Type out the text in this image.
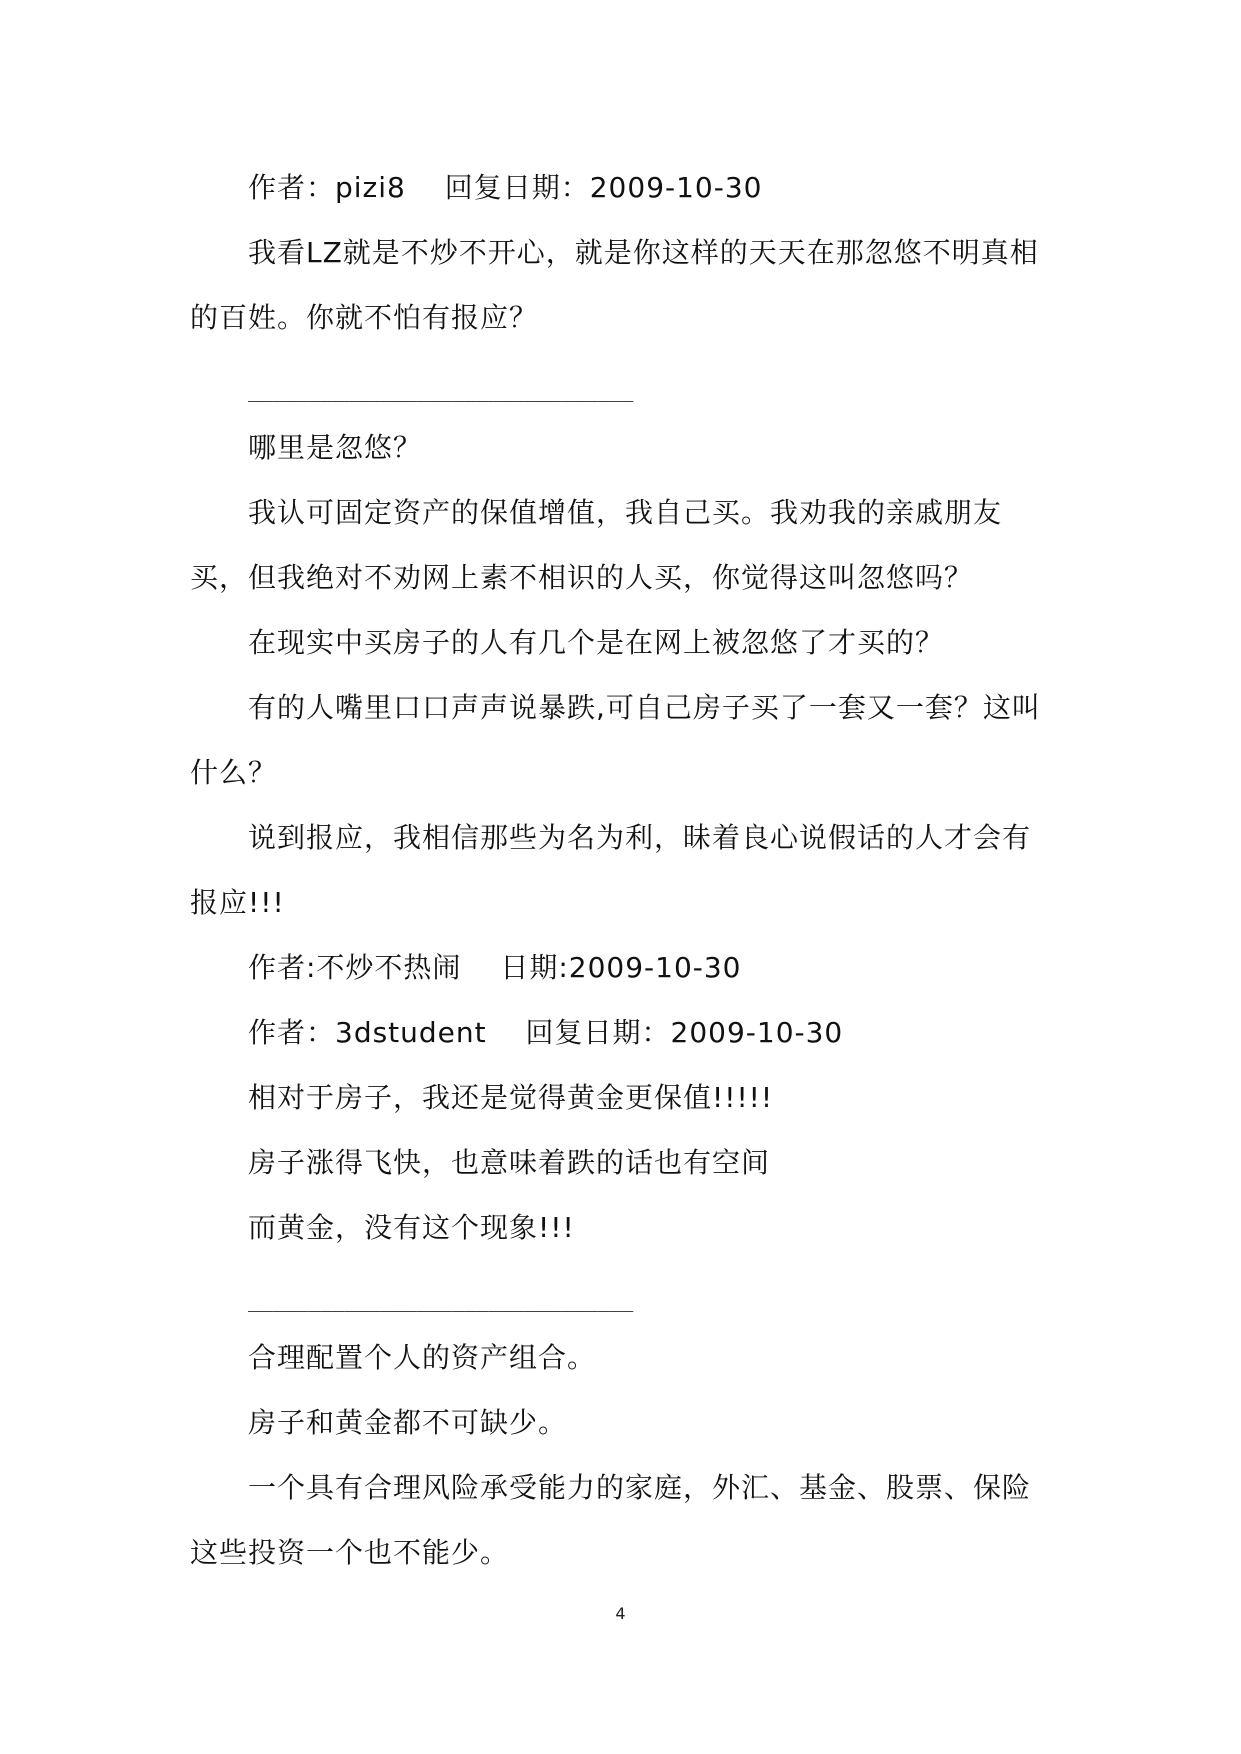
作者：pizi8　 回复日期：2009-10-30

我看LZ就是不炒不开心，就是你这样的天天在那忽悠不明真相的百姓。你就不怕有报应？

________________________________

哪里是忽悠？

我认可固定资产的保值增值，我自己买。我劝我的亲戚朋友买，但我绝对不劝网上素不相识的人买，你觉得这叫忽悠吗？

在现实中买房子的人有几个是在网上被忽悠了才买的？

有的人嘴里口口声声说暴跌,可自己房子买了一套又一套？这叫什么？

说到报应，我相信那些为名为利，昧着良心说假话的人才会有报应!!!

作者:不炒不热闹　 日期:2009-10-30

作者：3dstudent　 回复日期：2009-10-30

相对于房子，我还是觉得黄金更保值!!!!!

房子涨得飞快，也意味着跌的话也有空间

而黄金，没有这个现象!!!

________________________________

合理配置个人的资产组合。

房子和黄金都不可缺少。

一个具有合理风险承受能力的家庭，外汇、基金、股票、保险这些投资一个也不能少。

4
